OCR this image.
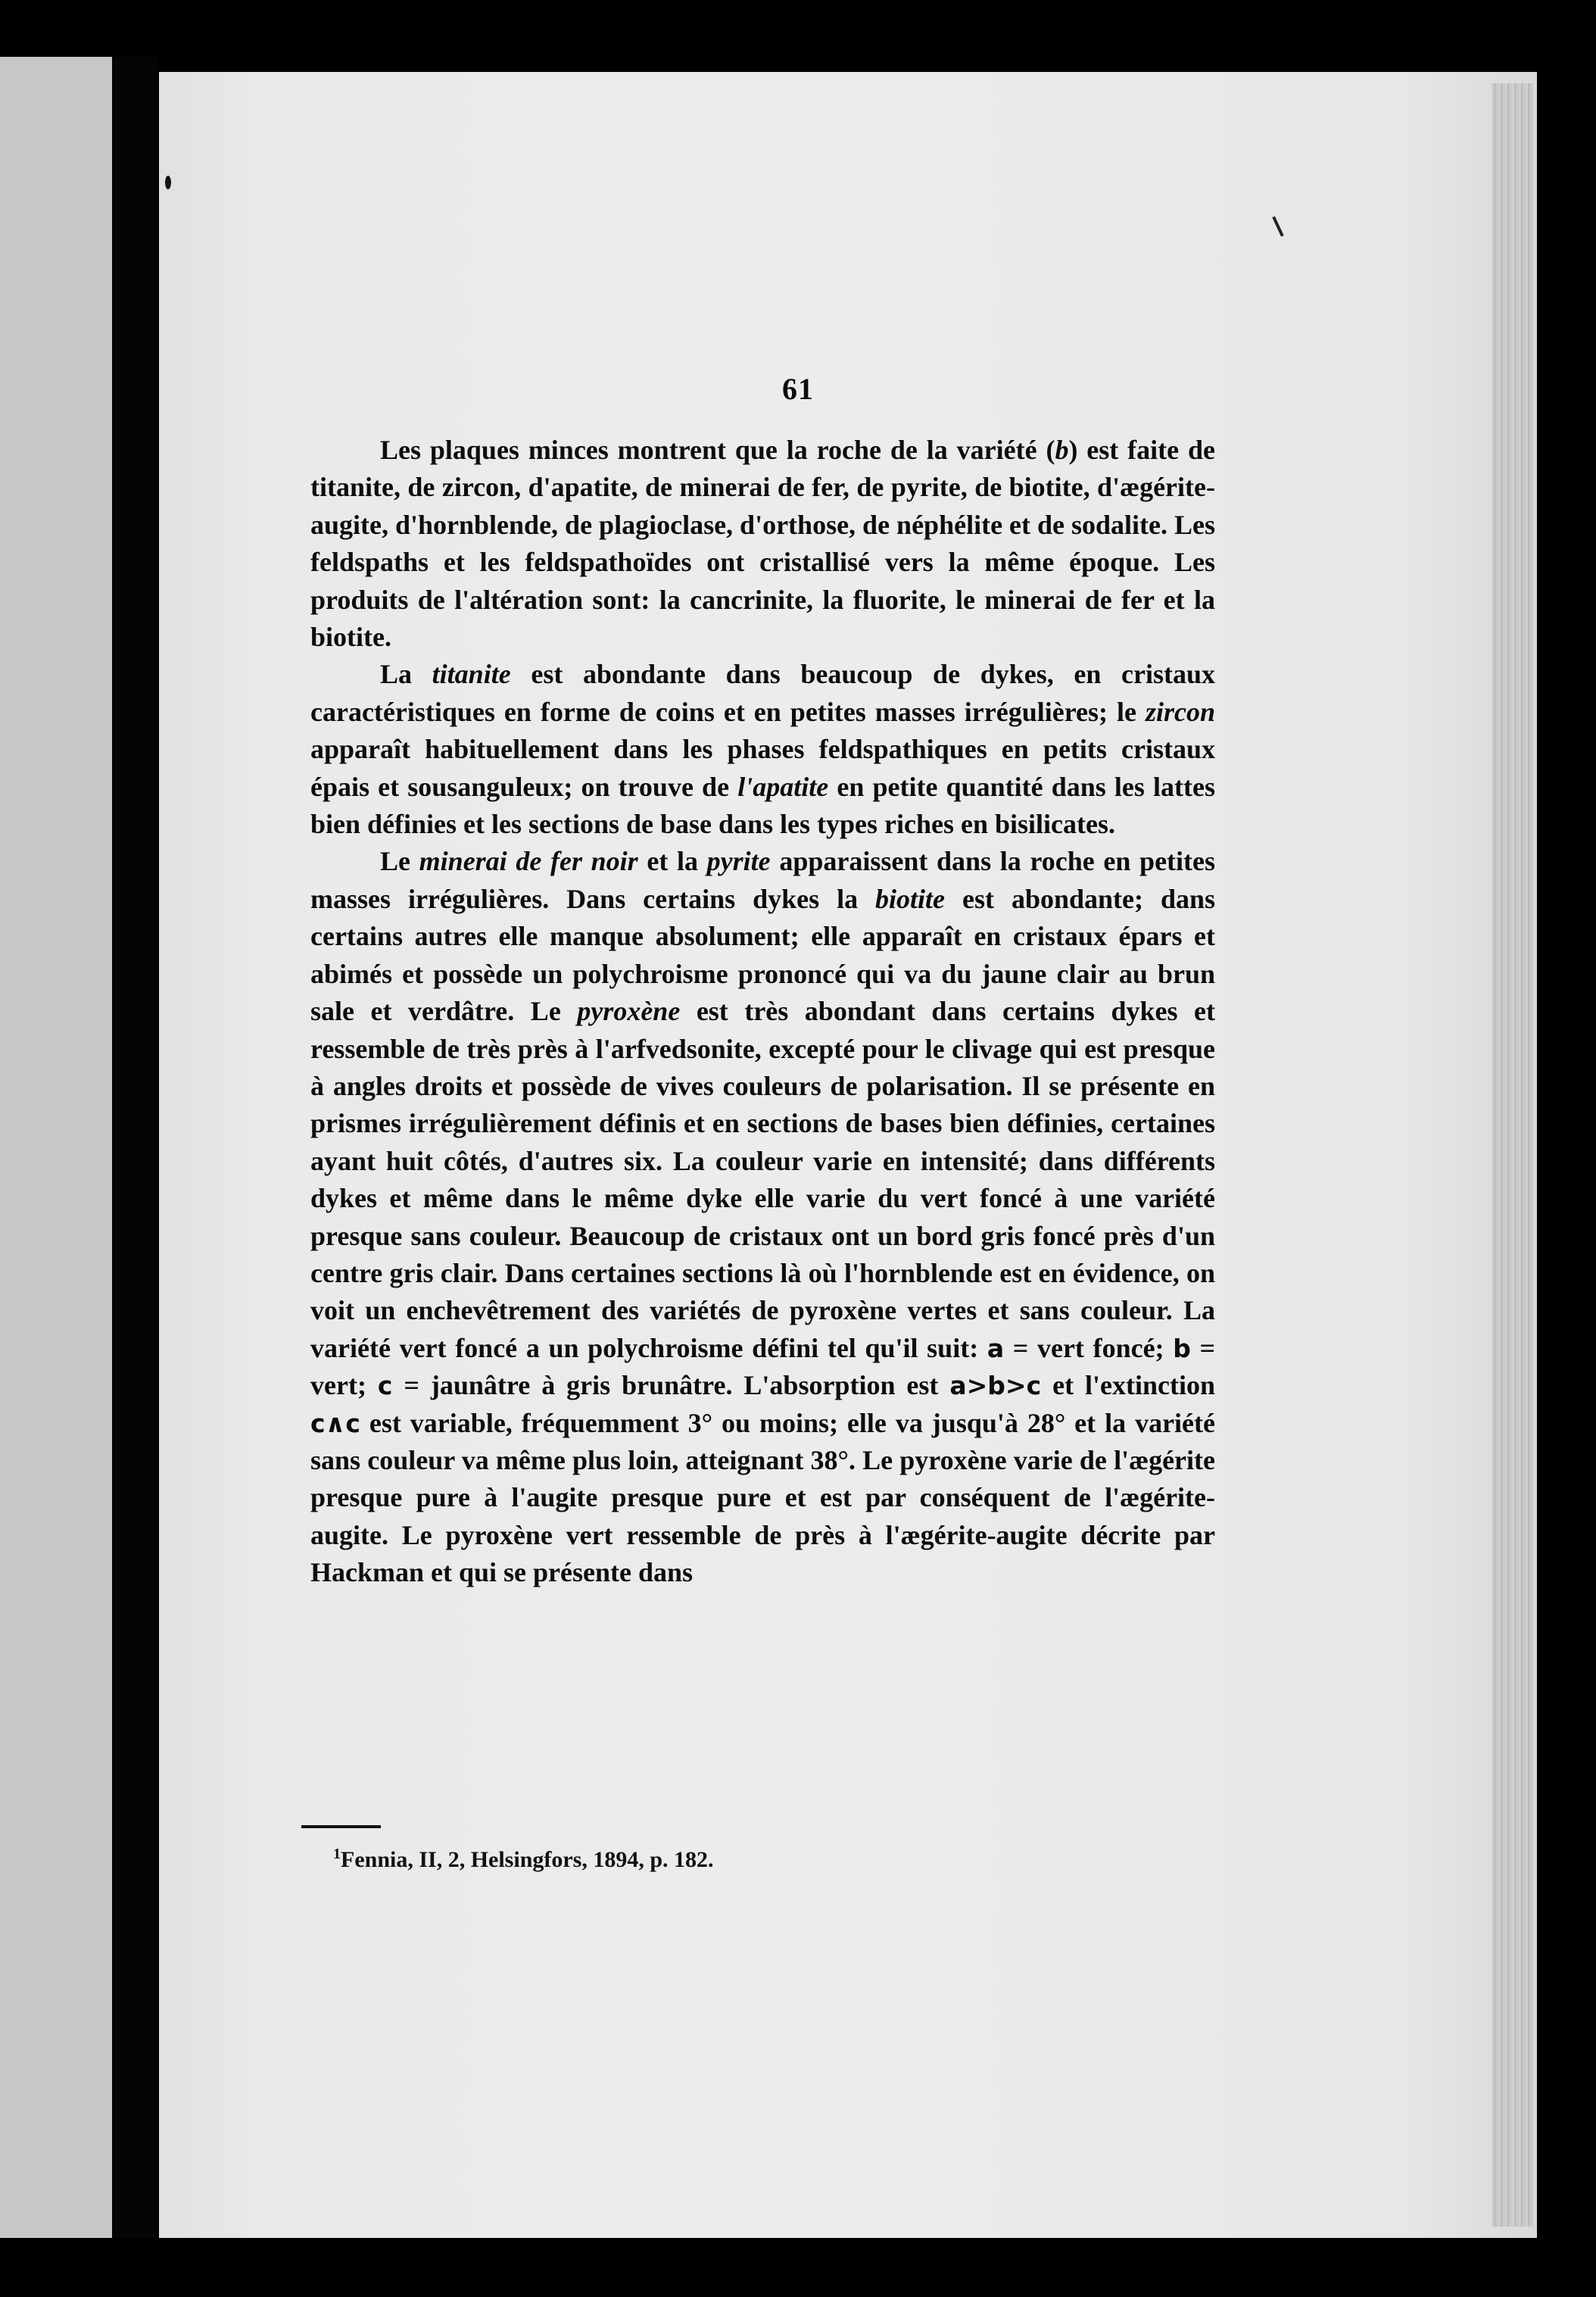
61

Les plaques minces montrent que la roche de la variété (b) est faite de titanite, de zircon, d'apatite, de minerai de fer, de pyrite, de biotite, d'ægérite-augite, d'hornblende, de plagioclase, d'orthose, de néphélite et de sodalite. Les feldspaths et les feldspathoïdes ont cristallisé vers la même époque. Les produits de l'altération sont: la cancrinite, la fluorite, le minerai de fer et la biotite.

La titanite est abondante dans beaucoup de dykes, en cristaux caractéristiques en forme de coins et en petites masses irrégulières; le zircon apparaît habituellement dans les phases feldspathiques en petits cristaux épais et sousanguleux; on trouve de l'apatite en petite quantité dans les lattes bien définies et les sections de base dans les types riches en bisilicates.

Le minerai de fer noir et la pyrite apparaissent dans la roche en petites masses irrégulières. Dans certains dykes la biotite est abondante; dans certains autres elle manque absolument; elle apparaît en cristaux épars et abimés et possède un polychroisme prononcé qui va du jaune clair au brun sale et verdâtre. Le pyroxène est très abondant dans certains dykes et ressemble de très près à l'arfvedsonite, excepté pour le clivage qui est presque à angles droits et possède de vives couleurs de polarisation. Il se présente en prismes irrégulièrement définis et en sections de bases bien définies, certaines ayant huit côtés, d'autres six. La couleur varie en intensité; dans différents dykes et même dans le même dyke elle varie du vert foncé à une variété presque sans couleur. Beaucoup de cristaux ont un bord gris foncé près d'un centre gris clair. Dans certaines sections là où l'hornblende est en évidence, on voit un enchevêtrement des variétés de pyroxène vertes et sans couleur. La variété vert foncé a un polychroisme défini tel qu'il suit: a = vert foncé; b = vert; c = jaunâtre à gris brunâtre. L'absorption est a>b>c et l'extinction c∧c est variable, fréquemment 3° ou moins; elle va jusqu'à 28° et la variété sans couleur va même plus loin, atteignant 38°. Le pyroxène varie de l'ægérite presque pure à l'augite presque pure et est par conséquent de l'ægérite-augite. Le pyroxène vert ressemble de près à l'ægérite-augite décrite par Hackman et qui se présente dans

$^1$Fennia, II, 2, Helsingfors, 1894, p. 182.
